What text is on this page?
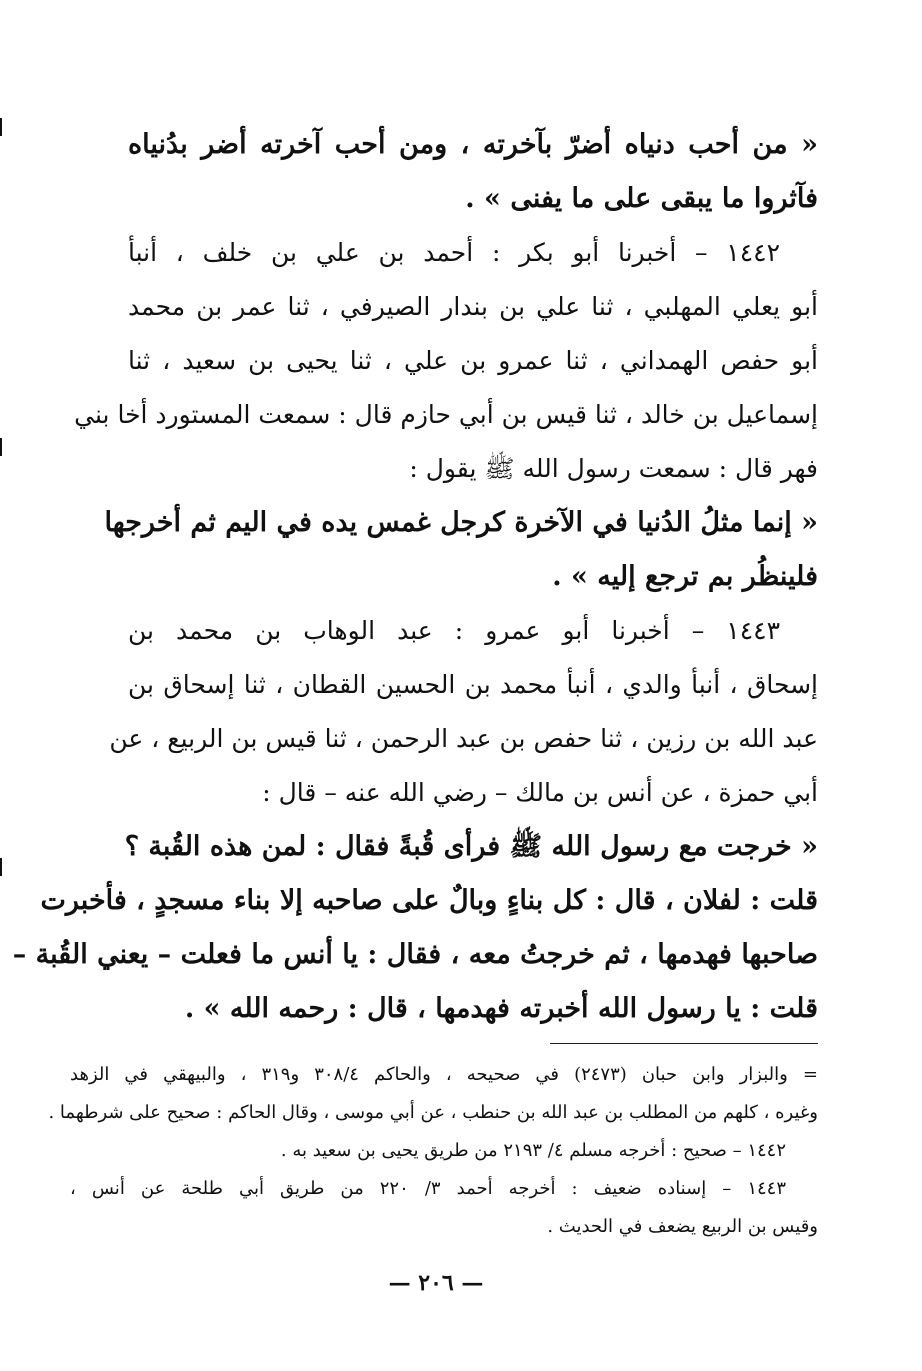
« من أحب دنياه أضرّ بآخرته ، ومن أحب آخرته أضر بدُنياه
فآثروا ما يبقى على ما يفنى » .
١٤٤٢ – أخبرنا أبو بكر : أحمد بن علي بن خلف ، أنبأ
أبو يعلي المهلبي ، ثنا علي بن بندار الصيرفي ، ثنا عمر بن محمد
أبو حفص الهمداني ، ثنا عمرو بن علي ، ثنا يحيى بن سعيد ، ثنا
إسماعيل بن خالد ، ثنا قيس بن أبي حازم قال : سمعت المستورد أخا بني
فهر قال : سمعت رسول الله ﷺ يقول :
« إنما مثلُ الدُنيا في الآخرة كرجل غمس يده في اليم ثم أخرجها
فلينظُر بم ترجع إليه » .
١٤٤٣ – أخبرنا أبو عمرو : عبد الوهاب بن محمد بن
إسحاق ، أنبأ والدي ، أنبأ محمد بن الحسين القطان ، ثنا إسحاق بن
عبد الله بن رزين ، ثنا حفص بن عبد الرحمن ، ثنا قيس بن الربيع ، عن
أبي حمزة ، عن أنس بن مالك – رضي الله عنه – قال :
« خرجت مع رسول الله ﷺ فرأى قُبةً فقال : لمن هذه القُبة ؟
قلت : لفلان ، قال : كل بناءٍ وبالٌ على صاحبه إلا بناء مسجدٍ ، فأخبرت
صاحبها فهدمها ، ثم خرجتُ معه ، فقال : يا أنس ما فعلت – يعني القُبة –
قلت : يا رسول الله أخبرته فهدمها ، قال : رحمه الله » .
= والبزار وابن حبان (٢٤٧٣) في صحيحه ، والحاكم ٣٠٨/٤ و٣١٩ ، والبيهقي في الزهد
وغيره ، كلهم من المطلب بن عبد الله بن حنطب ، عن أبي موسى ، وقال الحاكم : صحيح على شرطهما .
١٤٤٢ – صحيح : أخرجه مسلم ٤/ ٢١٩٣ من طريق يحيى بن سعيد به .
١٤٤٣ – إسناده ضعيف : أخرجه أحمد ٣/ ٢٢٠ من طريق أبي طلحة عن أنس ،
وقيس بن الربيع يضعف في الحديث .
— ٢٠٦ —
